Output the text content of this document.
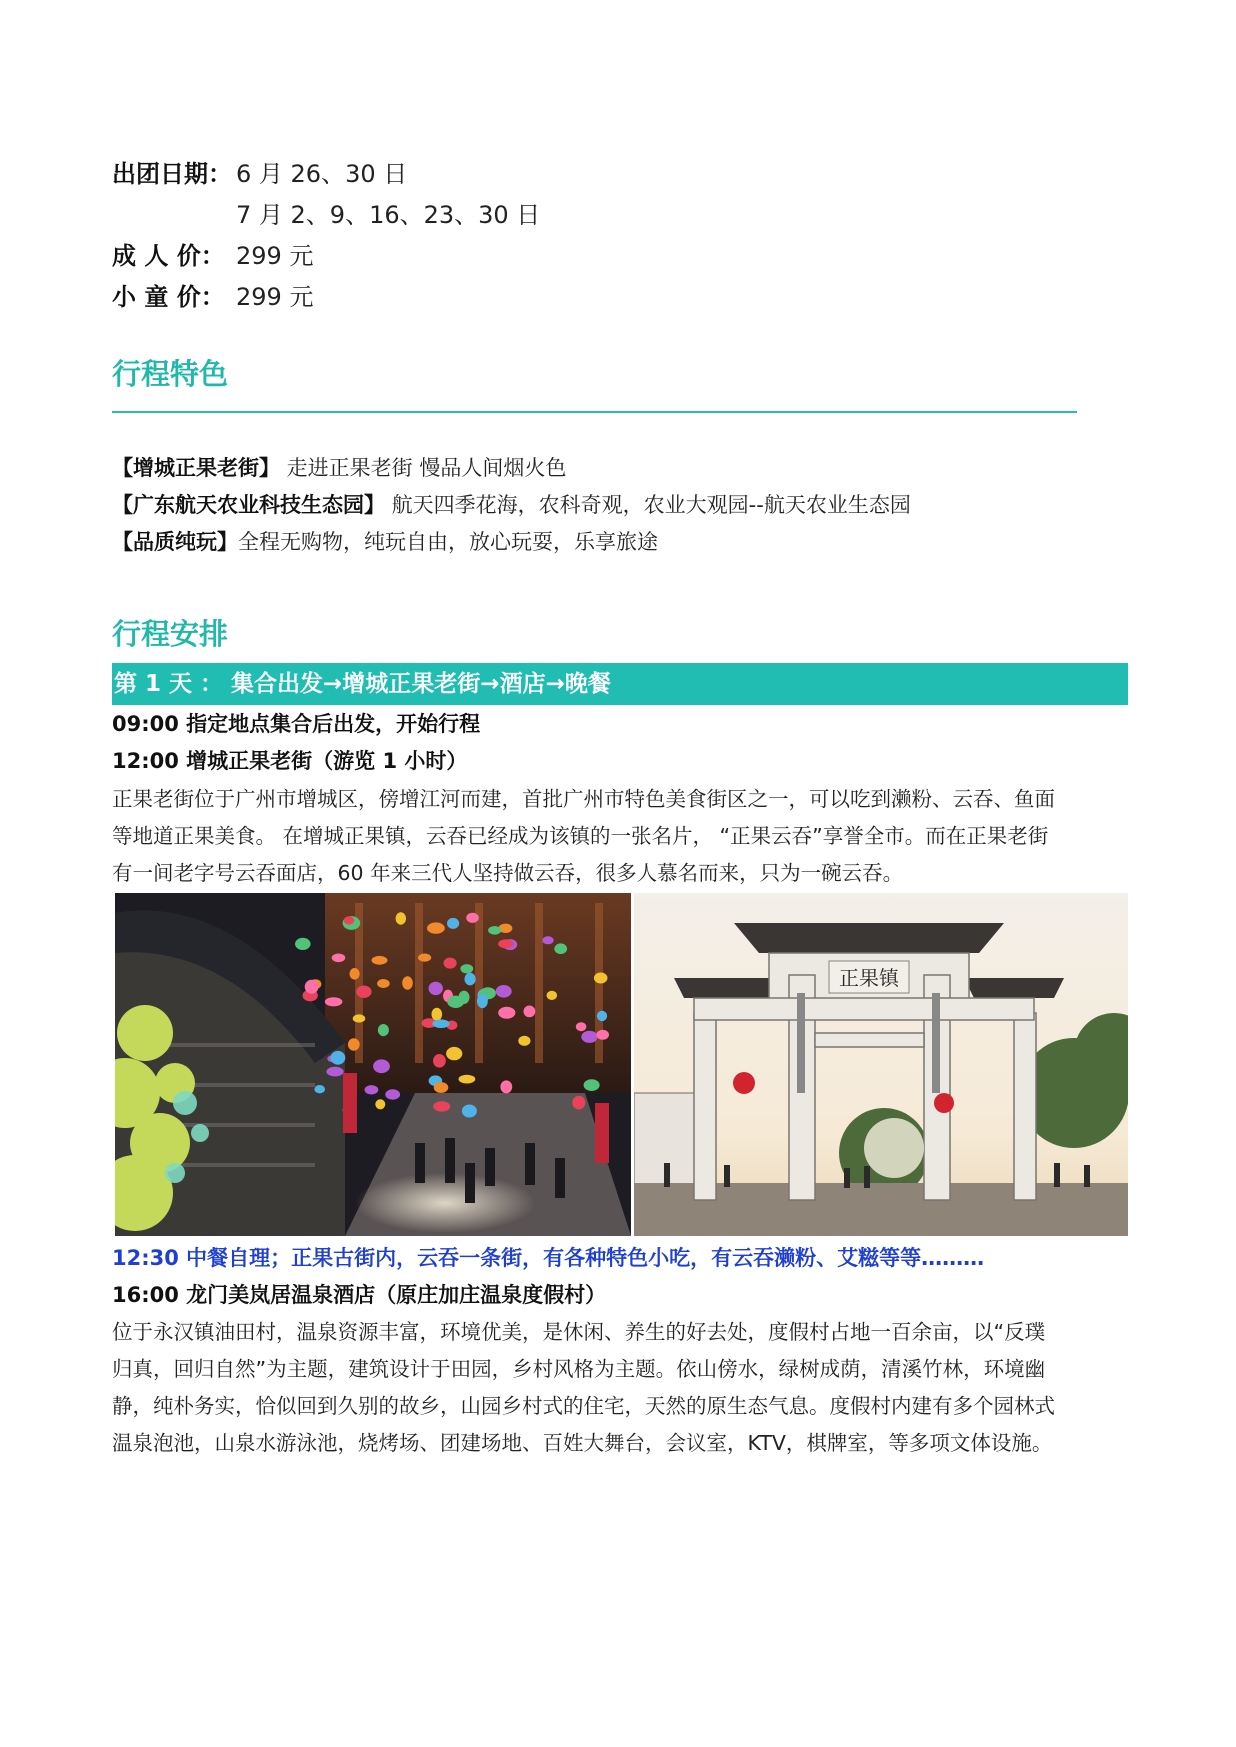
出团日期： 6 月 26、30 日
7 月 2、9、16、23、30 日
成 人 价： 299 元
小 童 价： 299 元
行程特色
【增城正果老街】 走进正果老街 慢品人间烟火色
【广东航天农业科技生态园】 航天四季花海，农科奇观，农业大观园--航天农业生态园
【品质纯玩】全程无购物，纯玩自由，放心玩耍，乐享旅途
行程安排
第 1 天 ： 集合出发→增城正果老街→酒店→晚餐
09:00 指定地点集合后出发，开始行程
12:00 增城正果老街（游览 1 小时）
正果老街位于广州市增城区，傍增江河而建，首批广州市特色美食街区之一，可以吃到濑粉、云吞、鱼面
等地道正果美食。 在增城正果镇，云吞已经成为该镇的一张名片， “正果云吞”享誉全市。而在正果老街
有一间老字号云吞面店，60 年来三代人坚持做云吞，很多人慕名而来，只为一碗云吞。
正果镇
12:30 中餐自理；正果古街内，云吞一条街，有各种特色小吃，有云吞濑粉、艾糍等等………
16:00 龙门美岚居温泉酒店（原庄加庄温泉度假村）
位于永汉镇油田村，温泉资源丰富，环境优美，是休闲、养生的好去处，度假村占地一百余亩，以“反璞
归真，回归自然”为主题，建筑设计于田园，乡村风格为主题。依山傍水，绿树成荫，清溪竹林，环境幽
静，纯朴务实，恰似回到久别的故乡，山园乡村式的住宅，天然的原生态气息。度假村内建有多个园林式
温泉泡池，山泉水游泳池，烧烤场、团建场地、百姓大舞台，会议室，KTV，棋牌室，等多项文体设施。
